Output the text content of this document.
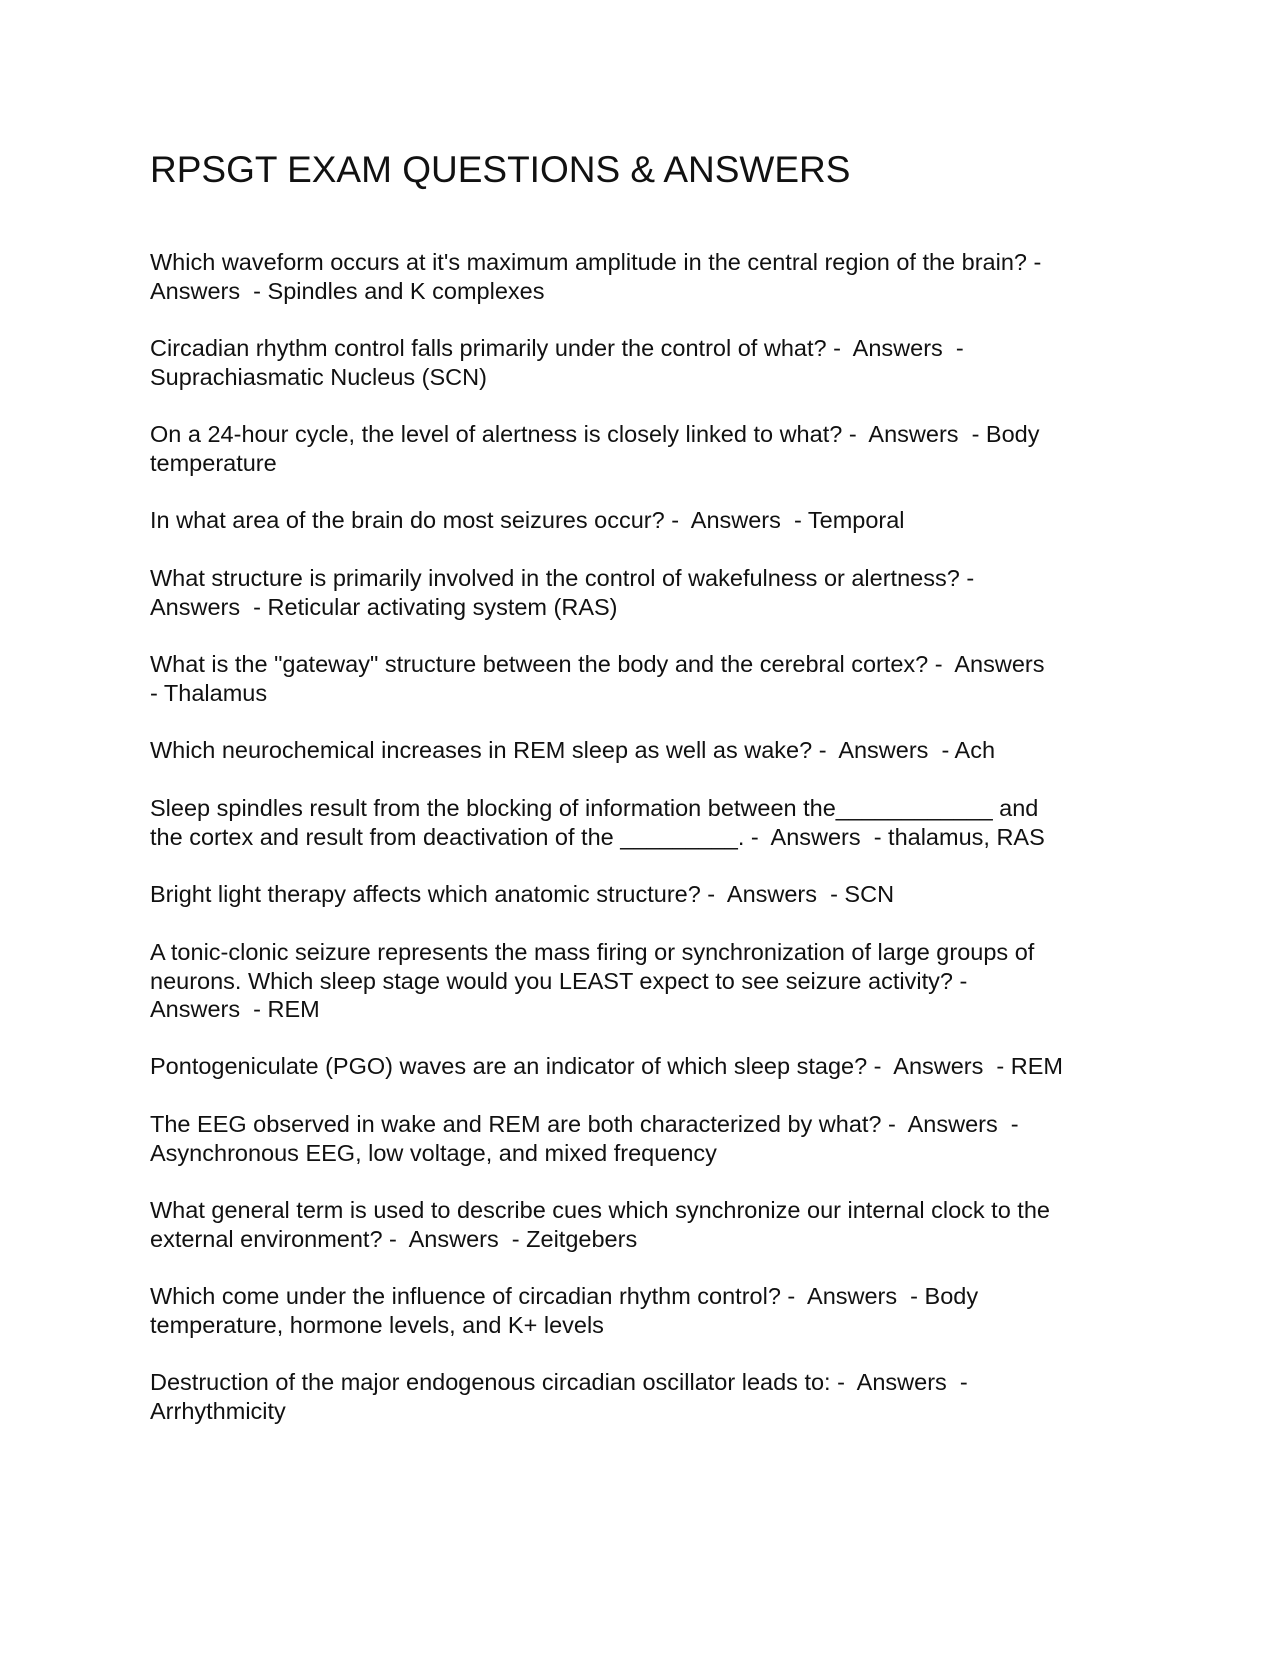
RPSGT EXAM QUESTIONS & ANSWERS
Which waveform occurs at it's maximum amplitude in the central region of the brain? -
Answers  - Spindles and K complexes
Circadian rhythm control falls primarily under the control of what? -  Answers  -
Suprachiasmatic Nucleus (SCN)
On a 24-hour cycle, the level of alertness is closely linked to what? -  Answers  - Body
temperature
In what area of the brain do most seizures occur? -  Answers  - Temporal
What structure is primarily involved in the control of wakefulness or alertness? -
Answers  - Reticular activating system (RAS)
What is the "gateway" structure between the body and the cerebral cortex? -  Answers
- Thalamus
Which neurochemical increases in REM sleep as well as wake? -  Answers  - Ach
Sleep spindles result from the blocking of information between the____________ and
the cortex and result from deactivation of the _________. -  Answers  - thalamus, RAS
Bright light therapy affects which anatomic structure? -  Answers  - SCN
A tonic-clonic seizure represents the mass firing or synchronization of large groups of
neurons. Which sleep stage would you LEAST expect to see seizure activity? -
Answers  - REM
Pontogeniculate (PGO) waves are an indicator of which sleep stage? -  Answers  - REM
The EEG observed in wake and REM are both characterized by what? -  Answers  -
Asynchronous EEG, low voltage, and mixed frequency
What general term is used to describe cues which synchronize our internal clock to the
external environment? -  Answers  - Zeitgebers
Which come under the influence of circadian rhythm control? -  Answers  - Body
temperature, hormone levels, and K+ levels
Destruction of the major endogenous circadian oscillator leads to: -  Answers  -
Arrhythmicity
